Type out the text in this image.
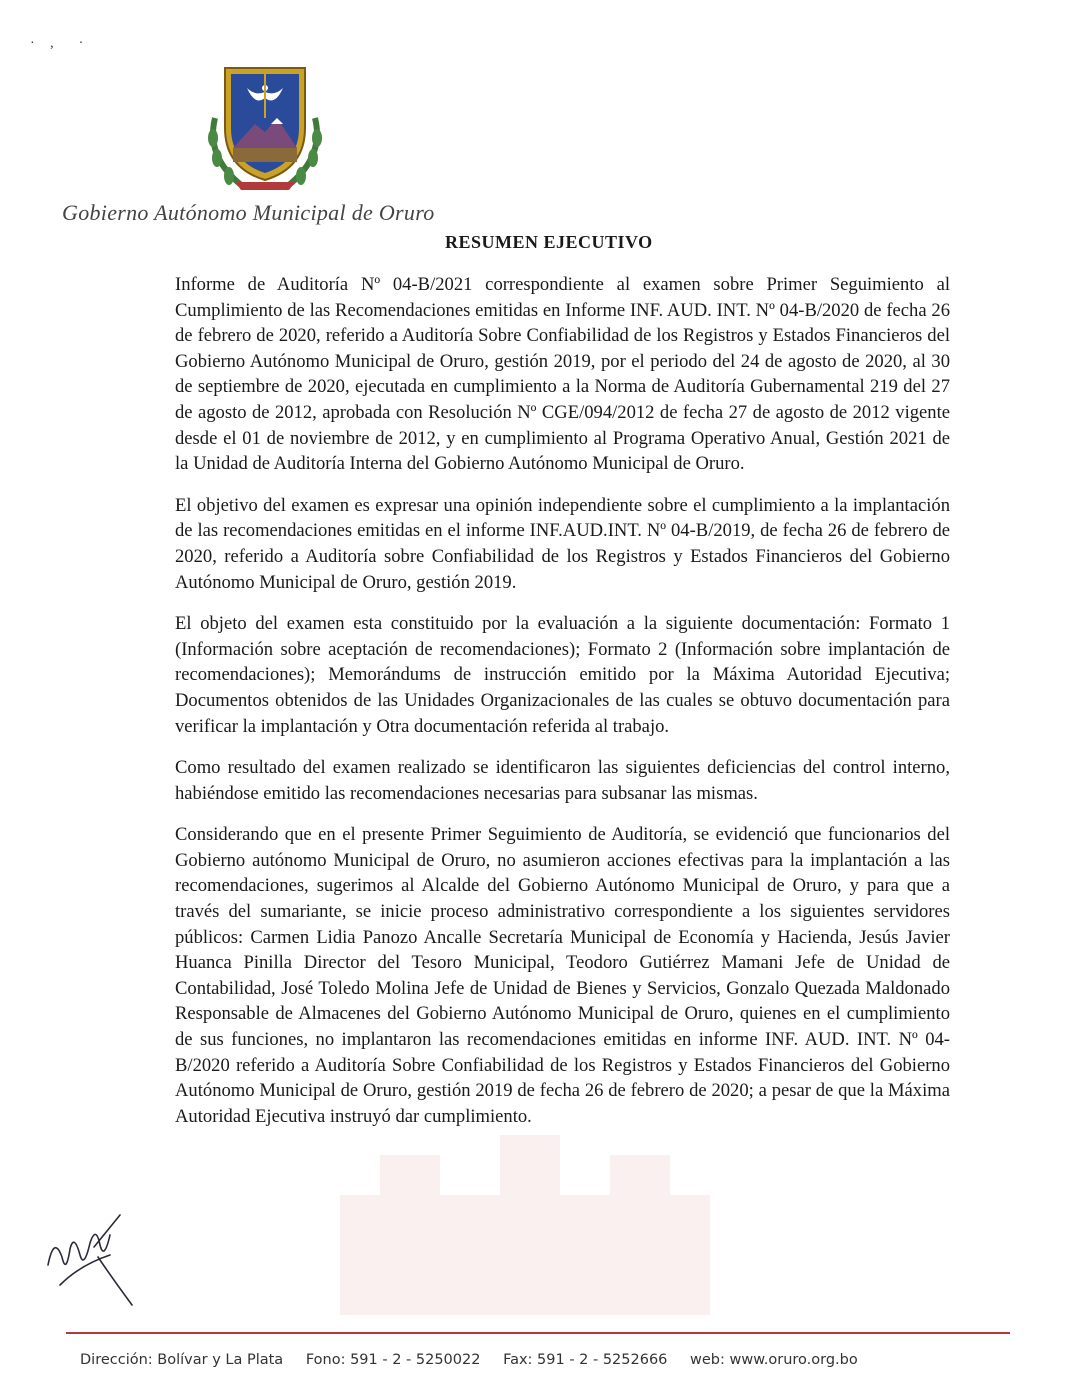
· ,  ·
Gobierno Autónomo Municipal de Oruro
RESUMEN EJECUTIVO

Informe de Auditoría Nº 04-B/2021 correspondiente al examen sobre Primer Seguimiento al Cumplimiento de las Recomendaciones emitidas en Informe INF. AUD. INT. Nº 04-B/2020 de fecha 26 de febrero de 2020, referido a Auditoría Sobre Confiabilidad de los Registros y Estados Financieros del Gobierno Autónomo Municipal de Oruro, gestión 2019, por el periodo del 24 de agosto de 2020, al 30 de septiembre de 2020, ejecutada en cumplimiento a la Norma de Auditoría Gubernamental 219 del 27 de agosto de 2012, aprobada con Resolución Nº CGE/094/2012 de fecha 27 de agosto de 2012 vigente desde el 01 de noviembre de 2012, y en cumplimiento al Programa Operativo Anual, Gestión 2021 de la Unidad de Auditoría Interna del Gobierno Autónomo Municipal de Oruro.

El objetivo del examen es expresar una opinión independiente sobre el cumplimiento a la implantación de las recomendaciones emitidas en el informe INF.AUD.INT. Nº 04-B/2019, de fecha 26 de febrero de 2020, referido a Auditoría sobre Confiabilidad de los Registros y Estados Financieros del Gobierno Autónomo Municipal de Oruro, gestión 2019.

El objeto del examen esta constituido por la evaluación a la siguiente documentación: Formato 1 (Información sobre aceptación de recomendaciones); Formato 2 (Información sobre implantación de recomendaciones); Memorándums de instrucción emitido por la Máxima Autoridad Ejecutiva; Documentos obtenidos de las Unidades Organizacionales de las cuales se obtuvo documentación para verificar la implantación y Otra documentación referida al trabajo.

Como resultado del examen realizado se identificaron las siguientes deficiencias del control interno, habiéndose emitido las recomendaciones necesarias para subsanar las mismas.

Considerando que en el presente Primer Seguimiento de Auditoría, se evidenció que funcionarios del Gobierno autónomo Municipal de Oruro, no asumieron acciones efectivas para la implantación a las recomendaciones, sugerimos al Alcalde del Gobierno Autónomo Municipal de Oruro, y para que a través del sumariante, se inicie proceso administrativo correspondiente a los siguientes servidores públicos: Carmen Lidia Panozo Ancalle Secretaría Municipal de Economía y Hacienda, Jesús Javier Huanca Pinilla Director del Tesoro Municipal, Teodoro Gutiérrez Mamani Jefe de Unidad de Contabilidad, José Toledo Molina Jefe de Unidad de Bienes y Servicios, Gonzalo Quezada Maldonado Responsable de Almacenes del Gobierno Autónomo Municipal de Oruro, quienes en el cumplimiento de sus funciones, no implantaron las recomendaciones emitidas en informe INF. AUD. INT. Nº 04-B/2020 referido a Auditoría Sobre Confiabilidad de los Registros y Estados Financieros del Gobierno Autónomo Municipal de Oruro, gestión 2019 de fecha 26 de febrero de 2020; a pesar de que la Máxima Autoridad Ejecutiva instruyó dar cumplimiento.

Dirección: Bolívar y La Plata Fono: 591 - 2 - 5250022 Fax: 591 - 2 - 5252666 web: www.oruro.org.bo
